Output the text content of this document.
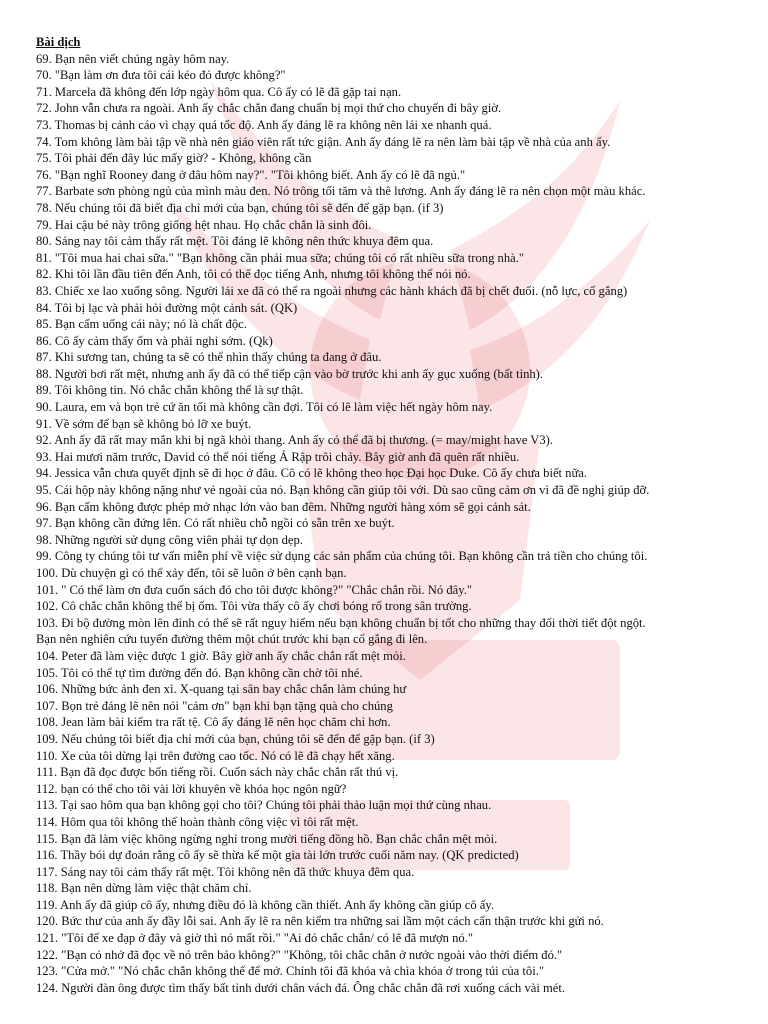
Bài dịch
69. Bạn nên viết chúng ngày hôm nay.
70. "Bạn làm ơn đưa tôi cái kéo đó được không?"
71. Marcela đã không đến lớp ngày hôm qua. Cô ấy có lẽ đã gặp tai nạn.
72. John vẫn chưa ra ngoài. Anh ấy chắc chắn đang chuẩn bị mọi thứ cho chuyến đi bây giờ.
73. Thomas bị cảnh cáo vì chạy quá tốc độ. Anh ấy đáng lẽ ra không nên lái xe nhanh quá.
74. Tom không làm bài tập về nhà nên giáo viên rất tức giận. Anh ấy đáng lẽ ra nên làm bài tập về nhà của anh ấy.
75. Tôi phải đến đây lúc mấy giờ? - Không, không cần
76. "Bạn nghĩ Rooney đang ở đâu hôm nay?". "Tôi không biết. Anh ấy có lẽ đã ngủ."
77. Barbate sơn phòng ngủ của mình màu đen. Nó trông tối tăm và thê lương. Anh ấy đáng lẽ ra nên chọn một màu khác.
78. Nếu chúng tôi đã biết địa chỉ mới của bạn, chúng tôi sẽ đến để gặp bạn. (if 3)
79. Hai cậu bé này trông giống hệt nhau. Họ chắc chắn là sinh đôi.
80. Sáng nay tôi cảm thấy rất mệt. Tôi đáng lẽ không nên thức khuya đêm qua.
81. "Tôi mua hai chai sữa." "Bạn không cần phải mua sữa; chúng tôi có rất nhiều sữa trong nhà."
82. Khi tôi lần đầu tiên đến Anh, tôi có thể đọc tiếng Anh, nhưng tôi không thể nói nó.
83. Chiếc xe lao xuống sông. Người lái xe đã có thể ra ngoài nhưng các hành khách đã bị chết đuối. (nỗ lực, cố gắng)
84. Tôi bị lạc và phải hỏi đường một cảnh sát. (QK)
85. Bạn cấm uống cái này; nó là chất độc.
86. Cô ấy cảm thấy ốm và phải nghỉ sớm. (Qk)
87. Khi sương tan, chúng ta sẽ có thể nhìn thấy chúng ta đang ở đâu.
88. Người bơi rất mệt, nhưng anh ấy đã có thể tiếp cận vào bờ trước khi anh ấy gục xuống (bất tỉnh).
89. Tôi không tin. Nó chắc chắn không thể là sự thật.
90. Laura, em và bọn trẻ cứ ăn tối mà không cần đợi. Tôi có lẽ làm việc hết ngày hôm nay.
91. Về sớm để bạn sẽ không bỏ lỡ xe buýt.
92. Anh ấy đã rất may mắn khi bị ngã khỏi thang. Anh ấy có thể đã bị thương. (= may/might have V3).
93. Hai mươi năm trước, David có thể nói tiếng Ả Rập trôi chảy. Bây giờ anh đã quên rất nhiều.
94. Jessica vẫn chưa quyết định sẽ đi học ở đâu. Cô có lẽ không theo học Đại học Duke. Cô ấy chưa biết nữa.
95. Cái hộp này không nặng như vẻ ngoài của nó. Bạn không cần giúp tôi với. Dù sao cũng cảm ơn vì đã đề nghị giúp đỡ.
96. Bạn cấm không được phép mở nhạc lớn vào ban đêm. Những người hàng xóm sẽ gọi cảnh sát.
97. Bạn không cần đứng lên. Có rất nhiều chỗ ngồi có sẵn trên xe buýt.
98. Những người sử dụng công viên phải tự dọn dẹp.
99. Công ty chúng tôi tư vấn miễn phí về việc sử dụng các sản phẩm của chúng tôi. Bạn không cần trả tiền cho chúng tôi.
100. Dù chuyện gì có thể xảy đến, tôi sẽ luôn ở bên cạnh bạn.
101. " Có thể làm ơn đưa cuốn sách đó cho tôi được không?" "Chắc chắn rồi. Nó đây."
102. Cô chắc chắn không thể bị ốm. Tôi vừa thấy cô ấy chơi bóng rổ trong sân trường.
103. Đi bộ đường mòn lên đỉnh có thể sẽ rất nguy hiểm nếu bạn không chuẩn bị tốt cho những thay đổi thời tiết đột ngột.
Bạn nên nghiên cứu tuyến đường thêm một chút trước khi bạn cố gắng đi lên.
104. Peter đã làm việc được 1 giờ. Bây giờ anh ấy chắc chắn rất mệt mỏi.
105. Tôi có thể tự tìm đường đến đó. Bạn không cần chờ tôi nhé.
106. Những bức ảnh đen xì. X-quang tại sân bay chắc chắn làm chúng hư
107. Bọn trẻ đáng lẽ nên nói "cảm ơn" bạn khi bạn tặng quà cho chúng
108. Jean làm bài kiểm tra rất tệ. Cô ấy đáng lẽ nên học chăm chỉ hơn.
109. Nếu chúng tôi biết địa chỉ mới của bạn, chúng tôi sẽ đến để gặp bạn. (if 3)
110. Xe của tôi dừng lại trên đường cao tốc. Nó có lẽ đã chạy hết xăng.
111. Bạn đã đọc được bốn tiếng rồi. Cuốn sách này chắc chắn rất thú vị.
112. bạn có thể cho tôi vài lời khuyên về khóa học ngôn ngữ?
113. Tại sao hôm qua bạn không gọi cho tôi? Chúng tôi phải thảo luận mọi thứ cùng nhau.
114. Hôm qua tôi không thể hoàn thành công việc vì tôi rất mệt.
115. Bạn đã làm việc không ngừng nghỉ trong mười tiếng đồng hồ. Bạn chắc chắn mệt mỏi.
116. Thầy bói dự đoán rằng cô ấy sẽ thừa kế một gia tài lớn trước cuối năm nay. (QK predicted)
117. Sáng nay tôi cảm thấy rất mệt. Tôi không nên đã thức khuya đêm qua.
118. Bạn nên dừng làm việc thật chăm chỉ.
119. Anh ấy đã giúp cô ấy, nhưng điều đó là không cần thiết. Anh ấy không cần giúp cô ấy.
120. Bức thư của anh ấy đầy lỗi sai. Anh ấy lẽ ra nên kiểm tra những sai lầm một cách cẩn thận trước khi gửi nó.
121. "Tôi để xe đạp ở đây và giờ thì nó mất rồi." "Ai đó chắc chắn/ có lẽ đã mượn nó."
122. "Bạn có nhớ đã đọc về nó trên báo không?" "Không, tôi chắc chắn ở nước ngoài vào thời điểm đó."
123. "Cửa mở." "Nó chắc chắn không thể để mở. Chính tôi đã khóa và chìa khóa ở trong túi của tôi."
124. Người đàn ông được tìm thấy bất tỉnh dưới chân vách đá. Ông chắc chắn đã rơi xuống cách vài mét.
